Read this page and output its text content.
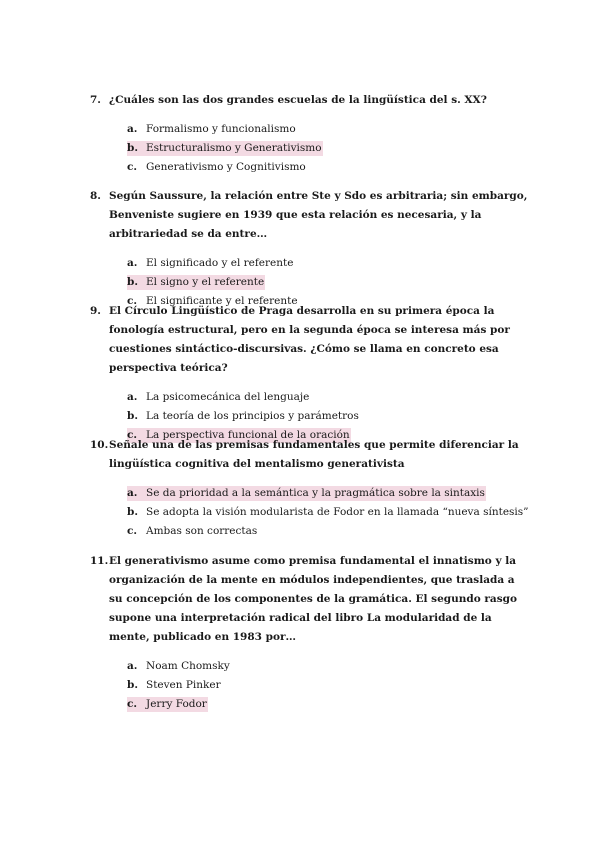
7. ¿Cuáles son las dos grandes escuelas de la lingüística del s. XX?
a. Formalismo y funcionalismo
b. Estructuralismo y Generativismo
c. Generativismo y Cognitivismo
8. Según Saussure, la relación entre Ste y Sdo es arbitraria; sin embargo, Benveniste sugiere en 1939 que esta relación es necesaria, y la arbitrariedad se da entre…
a. El significado y el referente
b. El signo y el referente
c. El significante y el referente
9. El Círculo Lingüístico de Praga desarrolla en su primera época la fonología estructural, pero en la segunda época se interesa más por cuestiones sintáctico-discursivas. ¿Cómo se llama en concreto esa perspectiva teórica?
a. La psicomecánica del lenguaje
b. La teoría de los principios y parámetros
c. La perspectiva funcional de la oración
10. Señale una de las premisas fundamentales que permite diferenciar la lingüística cognitiva del mentalismo generativista
a. Se da prioridad a la semántica y la pragmática sobre la sintaxis
b. Se adopta la visión modularista de Fodor en la llamada “nueva síntesis”
c. Ambas son correctas
11. El generativismo asume como premisa fundamental el innatismo y la organización de la mente en módulos independientes, que traslada a su concepción de los componentes de la gramática. El segundo rasgo supone una interpretación radical del libro La modularidad de la mente, publicado en 1983 por…
a. Noam Chomsky
b. Steven Pinker
c. Jerry Fodor
